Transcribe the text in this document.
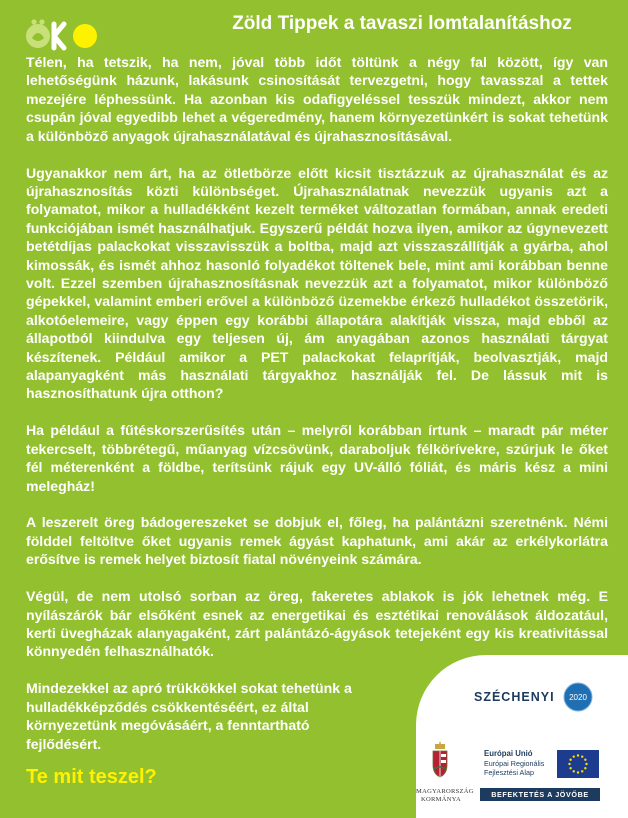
ÖKO	Zöld Tippek a tavaszi lomtalanításhoz

Télen, ha tetszik, ha nem, jóval több időt töltünk a négy fal között, így van lehetőségünk házunk, lakásunk csinosítását tervezgetni, hogy tavasszal a tettek mezejére léphessünk. Ha azonban kis odafigyeléssel tesszük mindezt, akkor nem csupán jóval egyedibb lehet a végeredmény, hanem környezetünkért is sokat tehetünk a különböző anyagok újrahasználatával és újrahasznosításával.

Ugyanakkor nem árt, ha az ötletbörze előtt kicsit tisztázzuk az újrahasználat és az újrahasznosítás közti különbséget. Újrahasználatnak nevezzük ugyanis azt a folyamatot, mikor a hulladékként kezelt terméket változatlan formában, annak eredeti funkciójában ismét használhatjuk. Egyszerű példát hozva ilyen, amikor az úgynevezett betétdíjas palackokat visszavisszük a boltba, majd azt visszaszállítják a gyárba, ahol kimossák, és ismét ahhoz hasonló folyadékot töltenek bele, mint ami korábban benne volt. Ezzel szemben újrahasznosításnak nevezzük azt a folyamatot, mikor különböző gépekkel, valamint emberi erővel a különböző üzemekbe érkező hulladékot összetörik, alkotóelemeire, vagy éppen egy korábbi állapotára alakítják vissza, majd ebből az állapotból kiindulva egy teljesen új, ám anyagában azonos használati tárgyat készítenek. Például amikor a PET palackokat felaprítják, beolvasztják, majd alapanyagként más használati tárgyakhoz használják fel. De lássuk mit is hasznosíthatunk újra otthon?

Ha például a fűtéskorszerűsítés után – melyről korábban írtunk – maradt pár méter tekercselt, többrétegű, műanyag vízcsövünk, daraboljuk félkörívekre, szúrjuk le őket fél méterenként a földbe, terítsünk rájuk egy UV-álló fóliát, és máris kész a mini melegház!

A leszerelt öreg bádogereszeket se dobjuk el, főleg, ha palántázni szeretnénk. Némi földdel feltöltve őket ugyanis remek ágyást kaphatunk, ami akár az erkélykorlátra erősítve is remek helyet biztosít fiatal növényeink számára.

Végül, de nem utolsó sorban az öreg, fakeretes ablakok is jók lehetnek még. E nyílászárók bár elsőként esnek az energetikai és esztétikai renoválások áldozatául, kerti üvegházak alanyagaként, zárt palántázó-ágyások tetejeként egy kis kreativitással könnyedén felhasználhatók.

Mindezekkel az apró trükkökkel sokat tehetünk a hulladékképződés csökkentéséért, ez által környezetünk megóvásáért, a fenntartható fejlődésért.

Te mit teszel?
SZÉCHENYI 2020
MAGYARORSZÁG
KORMÁNYA
Európai Unió
Európai Regionális
Fejlesztési Alap
BEFEKTETÉS A JÖVŐBE
